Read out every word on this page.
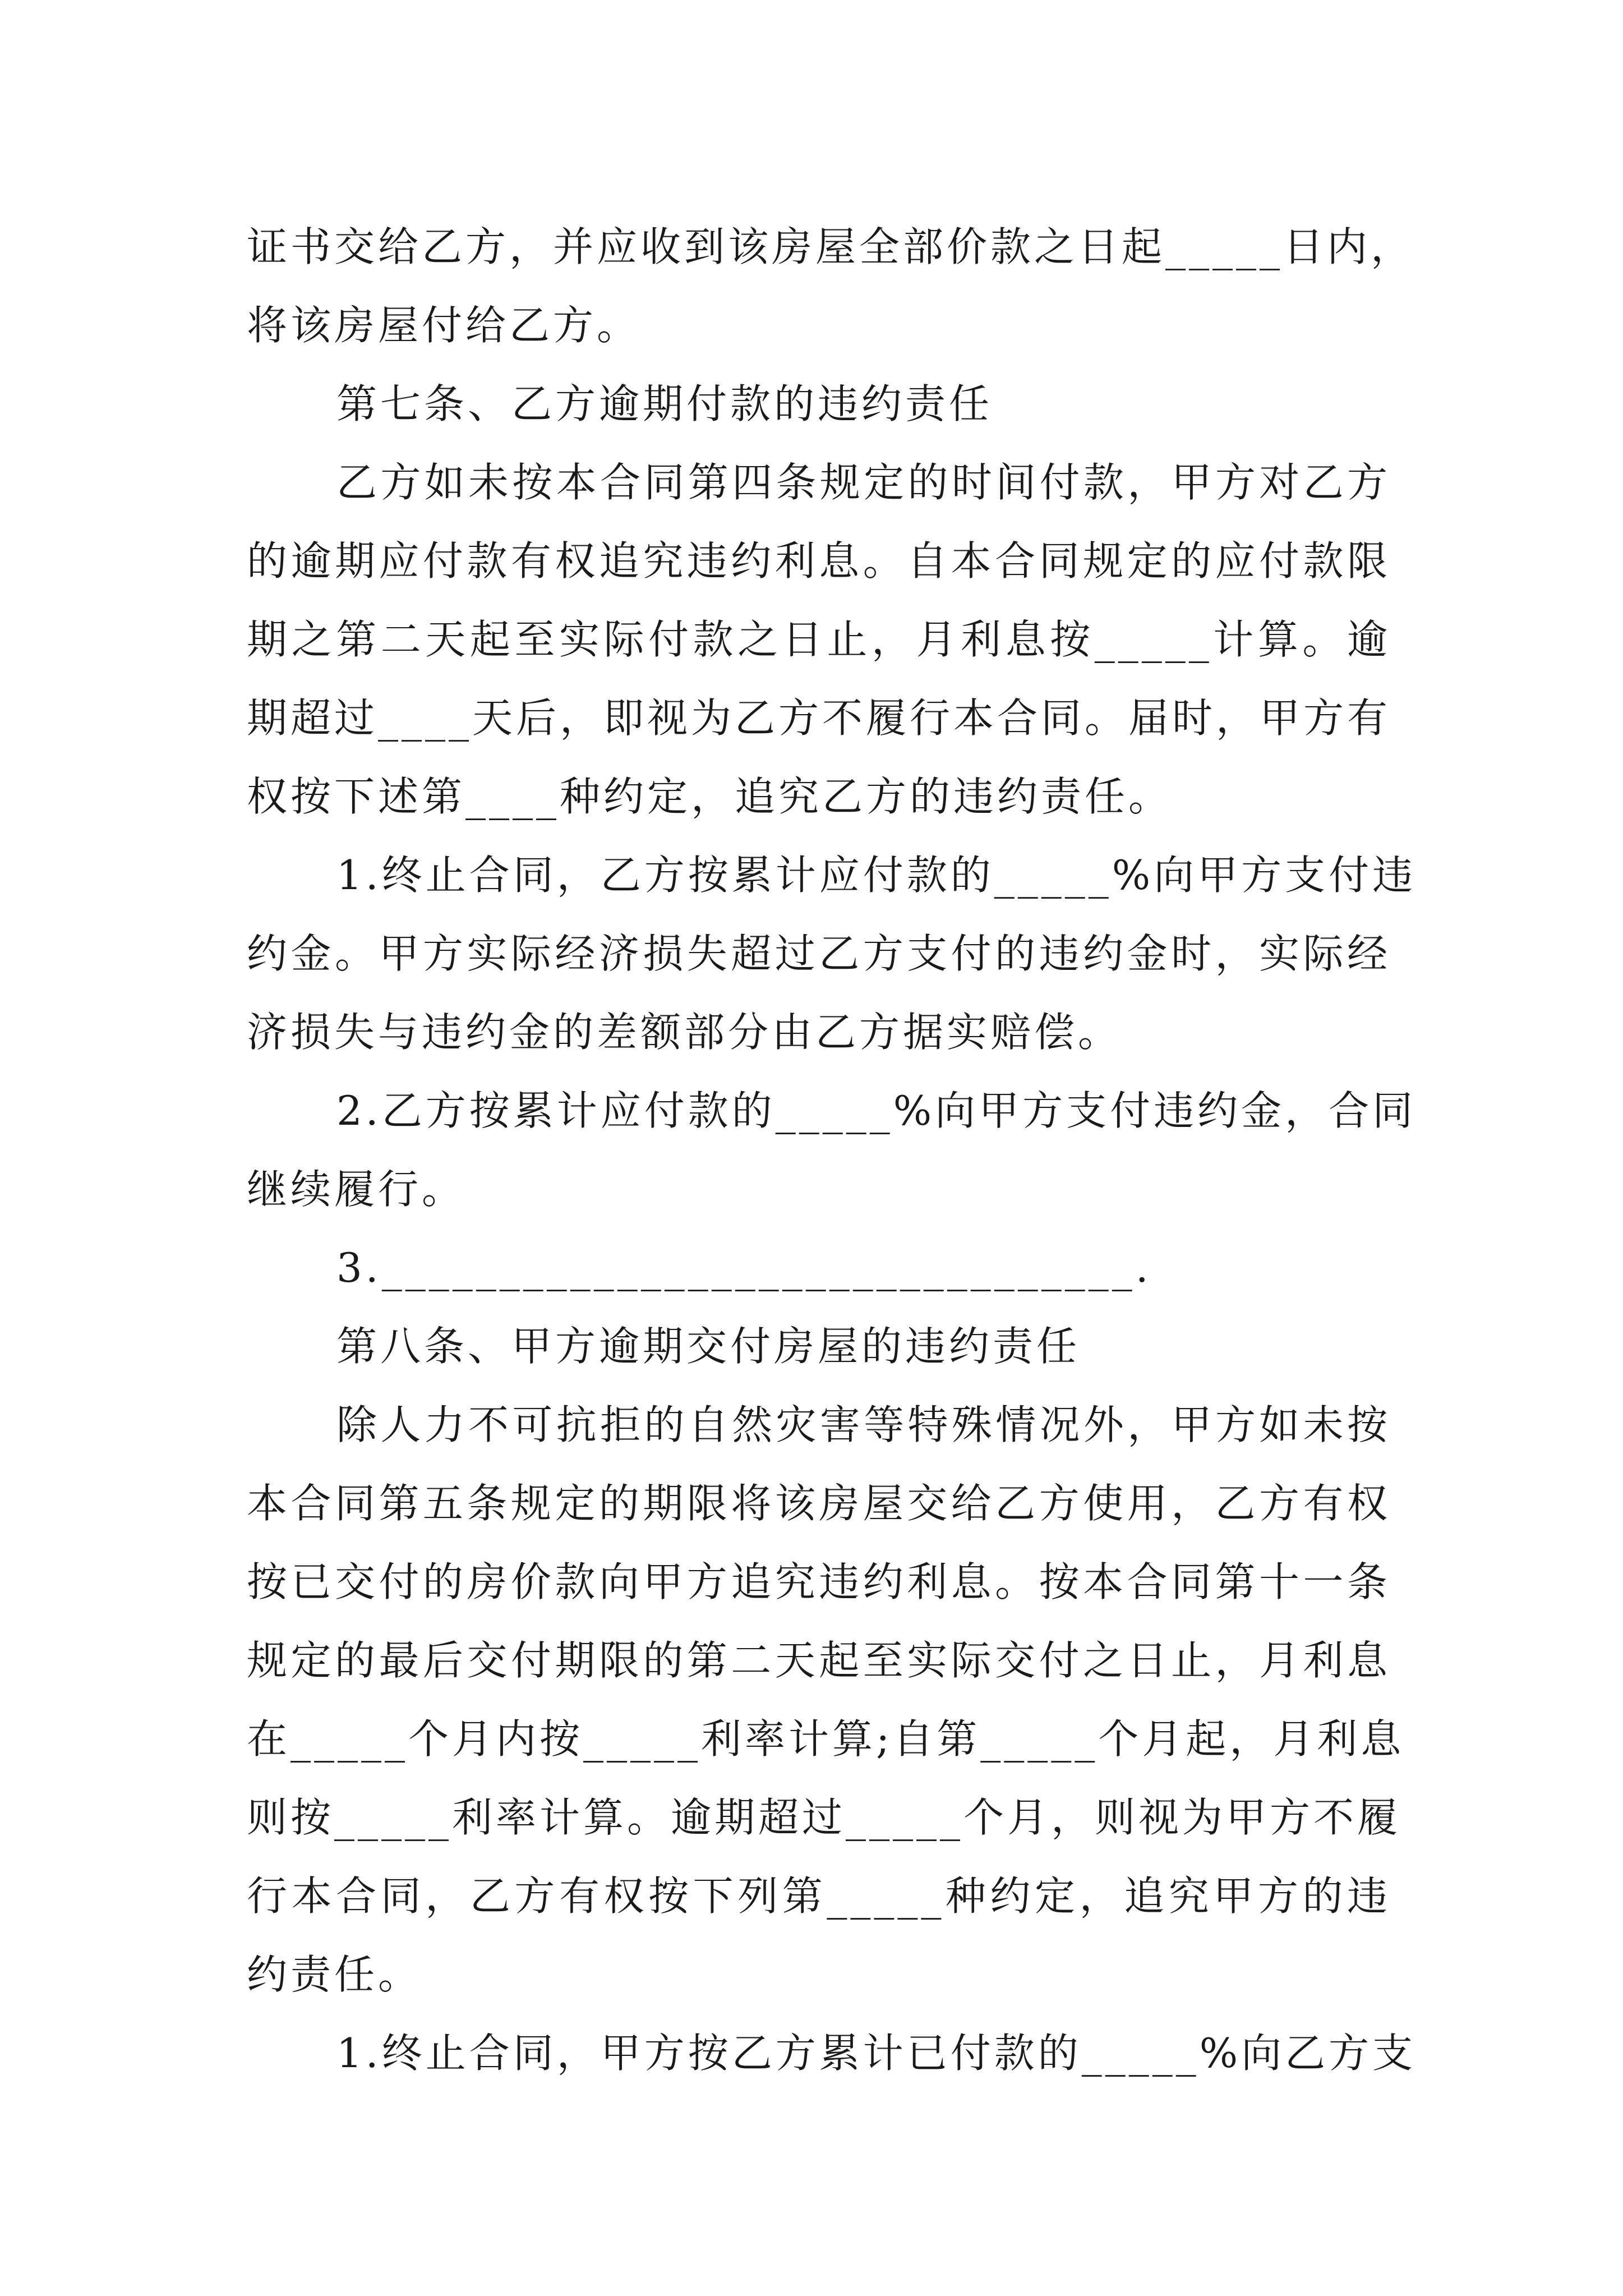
证书交给乙方，并应收到该房屋全部价款之日起_____日内，
将该房屋付给乙方。
第七条、乙方逾期付款的违约责任
乙方如未按本合同第四条规定的时间付款，甲方对乙方
的逾期应付款有权追究违约利息。自本合同规定的应付款限
期之第二天起至实际付款之日止，月利息按_____计算。逾
期超过____天后，即视为乙方不履行本合同。届时，甲方有
权按下述第____种约定，追究乙方的违约责任。
1.终止合同，乙方按累计应付款的_____%向甲方支付违
约金。甲方实际经济损失超过乙方支付的违约金时，实际经
济损失与违约金的差额部分由乙方据实赔偿。
2.乙方按累计应付款的_____%向甲方支付违约金，合同
继续履行。
3.________________________________.
第八条、甲方逾期交付房屋的违约责任
除人力不可抗拒的自然灾害等特殊情况外，甲方如未按
本合同第五条规定的期限将该房屋交给乙方使用，乙方有权
按已交付的房价款向甲方追究违约利息。按本合同第十一条
规定的最后交付期限的第二天起至实际交付之日止，月利息
在_____个月内按_____利率计算;自第_____个月起，月利息
则按_____利率计算。逾期超过_____个月，则视为甲方不履
行本合同，乙方有权按下列第_____种约定，追究甲方的违
约责任。
1.终止合同，甲方按乙方累计已付款的_____%向乙方支
